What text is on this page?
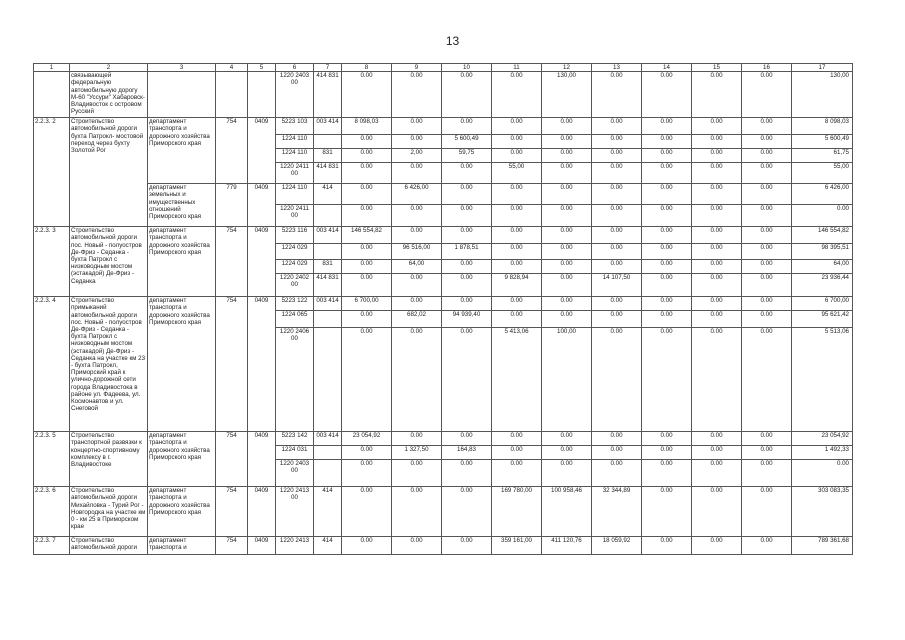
13
1	2	3	4	5	6	7	8	9	10	11	12	13	14	15	16	17
	связывающей федеральную автомобильную дорогу М-60 "Уссури" Хабаровск-Владивосток с островом Русский				1220 2403 00	414 831	0.00	0.00	0.00	0.00	130,00	0.00	0.00	0.00	0.00	130,00
2.2.3. 2	Строительство автомобильной дороги бухта Патрокл- мостовой переход через бухту Золотой Рог	департамент транспорта и дорожного хозяйства Приморского края	754	0409	5223 103	003 414	8 098,03	0.00	0.00	0.00	0.00	0.00	0.00	0.00	0.00	8 098,03
					1224 110		0.00	0.00	5 600,49	0.00	0.00	0.00	0.00	0.00	0.00	5 600,49
					1224 110	831	0.00	2,00	59,75	0.00	0.00	0.00	0.00	0.00	0.00	61,75
					1220 2411 00	414 831	0.00	0.00	0.00	55,00	0.00	0.00	0.00	0.00	0.00	55,00
		департамент земельных и имущественных отношений Приморского края	779	0409	1224 110	414	0.00	6 426,00	0.00	0.00	0.00	0.00	0.00	0.00	0.00	6 426,00
					1220 2411 00		0.00	0.00	0.00	0.00	0.00	0.00	0.00	0.00	0.00	0.00
2.2.3. 3	Строительство автомобильной дороги пос. Новый - полуостров Де-Фриз - Седанка - бухта Патрокл с низководным мостом (эстакадой) Де-Фриз - Седанка	департамент транспорта и дорожного хозяйства Приморского края	754	0409	5223 116	003 414	146 554,82	0.00	0.00	0.00	0.00	0.00	0.00	0.00	0.00	146 554,82
					1224 029		0.00	96 516,00	1 878,51	0.00	0.00	0.00	0.00	0.00	0.00	98 395,51
					1224 029	831	0.00	64,00	0.00	0.00	0.00	0.00	0.00	0.00	0.00	64,00
					1220 2402 00	414 831	0.00	0.00	0.00	9 828,94	0.00	14 107,50	0.00	0.00	0.00	23 936,44
2.2.3. 4	Строительство примыканий автомобильной дороги пос. Новый - полуостров Де-Фриз - Седанка - бухта Патрокл с низководным мостом (эстакадой) Де-Фриз - Седанка на участке км 23 - бухта Патрокл, Приморский край к улично-дорожной сети города Владивостока в районе ул. Фадеева, ул. Космонавтов и ул. Снеговой	департамент транспорта и дорожного хозяйства Приморского края	754	0409	5223 122	003 414	6 700,00	0.00	0.00	0.00	0.00	0.00	0.00	0.00	0.00	6 700,00
					1224 065		0.00	682,02	94 939,40	0.00	0.00	0.00	0.00	0.00	0.00	95 621,42
					1220 2406 00		0.00	0.00	0.00	5 413,06	100,00	0.00	0.00	0.00	0.00	5 513,06
2.2.3. 5	Строительство транспортной развязки к концертно-спортивному комплексу в г. Владивостоке	департамент транспорта и дорожного хозяйства Приморского края	754	0409	5223 142	003 414	23 054,92	0.00	0.00	0.00	0.00	0.00	0.00	0.00	0.00	23 054,92
					1224 031		0.00	1 327,50	164,83	0.00	0.00	0.00	0.00	0.00	0.00	1 492,33
					1220 2403 00		0.00	0.00	0.00	0.00	0.00	0.00	0.00	0.00	0.00	0.00
2.2.3. 6	Строительство автомобильной дороги Михайловка - Турий Рог - Новгородка на участке км 0 - км 25 в Приморском крае	департамент транспорта и дорожного хозяйства Приморского края	754	0409	1220 2413 00	414	0.00	0.00	0.00	169 780,00	100 958,46	32 344,89	0.00	0.00	0.00	303 083,35
2.2.3. 7	Строительство автомобильной дороги	департамент транспорта и	754	0409	1220 2413	414	0.00	0.00	0.00	359 161,00	411 120,76	18 059,92	0.00	0.00	0.00	789 361,68
